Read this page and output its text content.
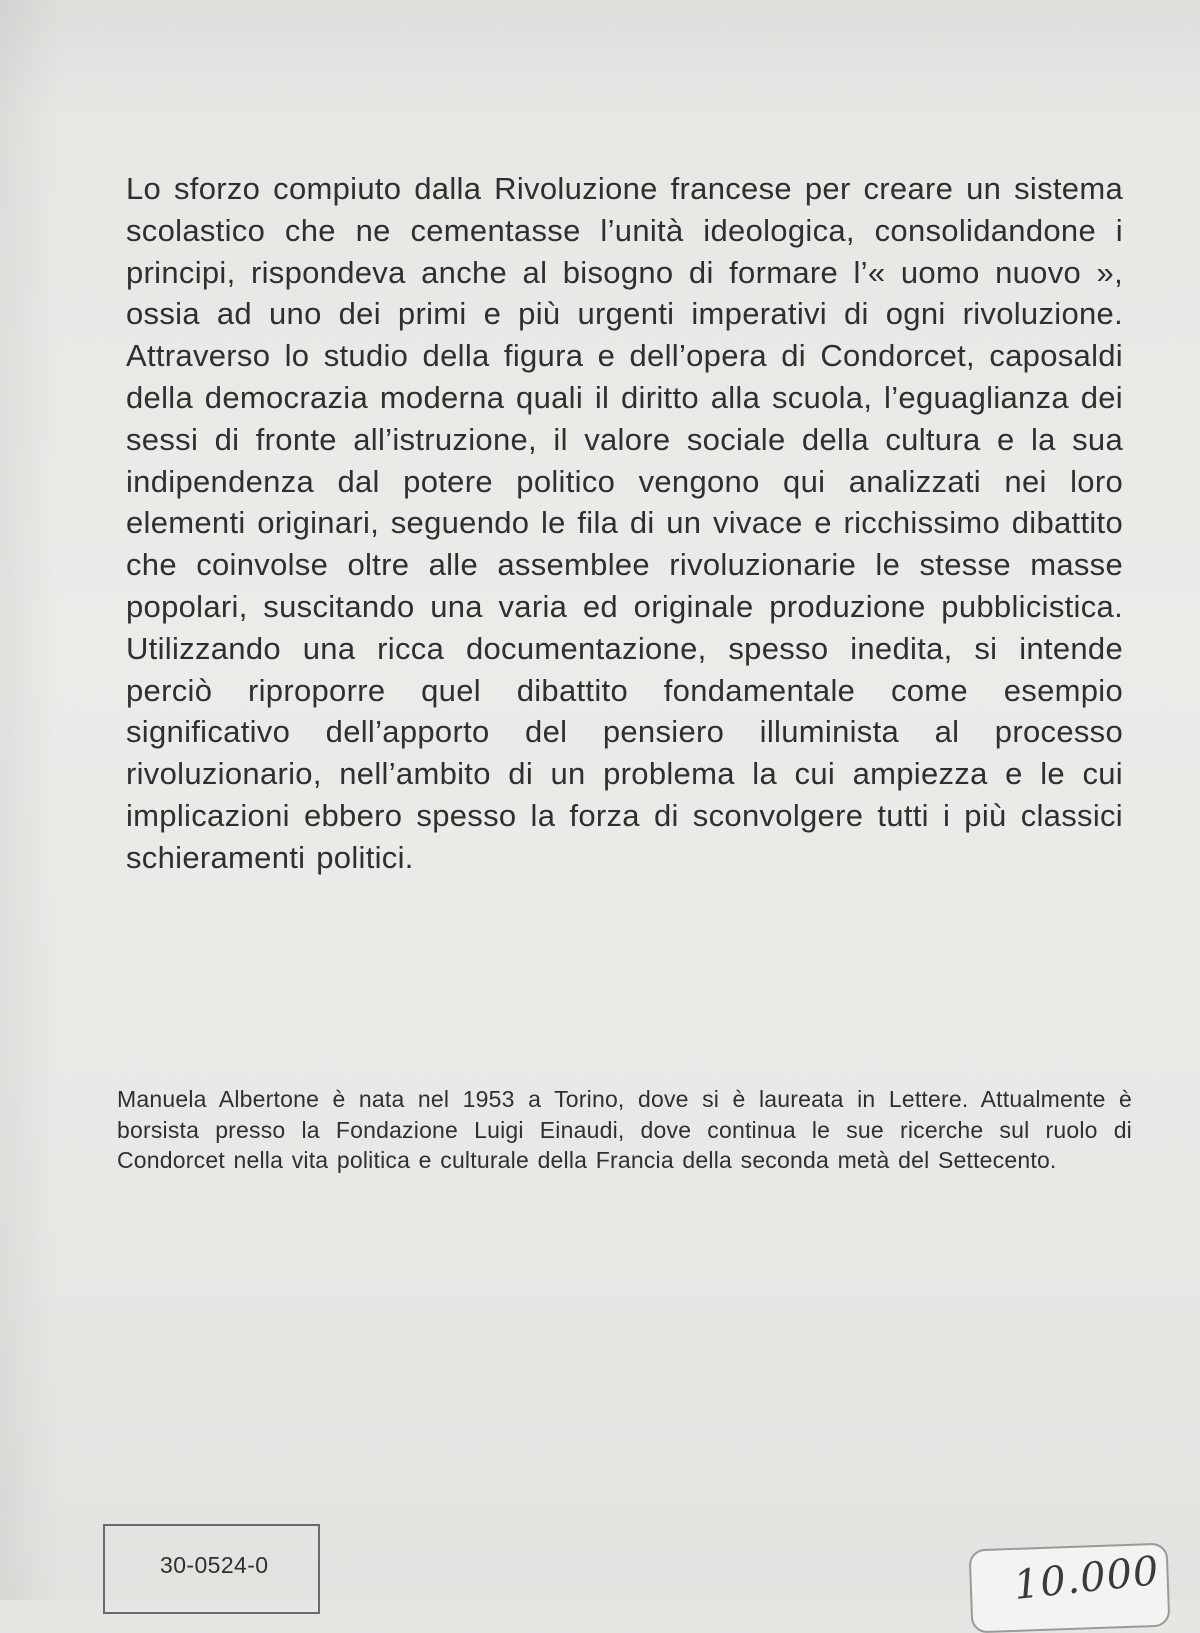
Lo sforzo compiuto dalla Rivoluzione francese per creare un sistema scolastico che ne cementasse l’unità ideologica, consolidandone i principi, rispondeva anche al bisogno di formare l’« uomo nuovo », ossia ad uno dei primi e più urgenti imperativi di ogni rivoluzione. Attraverso lo studio della figura e dell’opera di Condorcet, caposaldi della democrazia moderna quali il diritto alla scuola, l’eguaglianza dei sessi di fronte all’istruzione, il valore sociale della cultura e la sua indipendenza dal potere politico vengono qui analizzati nei loro elementi originari, seguendo le fila di un vivace e ricchissimo dibattito che coinvolse oltre alle assemblee rivoluzionarie le stesse masse popolari, suscitando una varia ed originale produzione pubblicistica. Utilizzando una ricca documentazione, spesso inedita, si intende perciò riproporre quel dibattito fondamentale come esempio significativo dell’apporto del pensiero illuminista al processo rivoluzionario, nell’ambito di un problema la cui ampiezza e le cui implicazioni ebbero spesso la forza di sconvolgere tutti i più classici schieramenti politici.

Manuela Albertone è nata nel 1953 a Torino, dove si è laureata in Lettere. Attualmente è borsista presso la Fondazione Luigi Einaudi, dove continua le sue ricerche sul ruolo di Condorcet nella vita politica e culturale della Francia della seconda metà del Settecento.

30-0524-0	10.000
